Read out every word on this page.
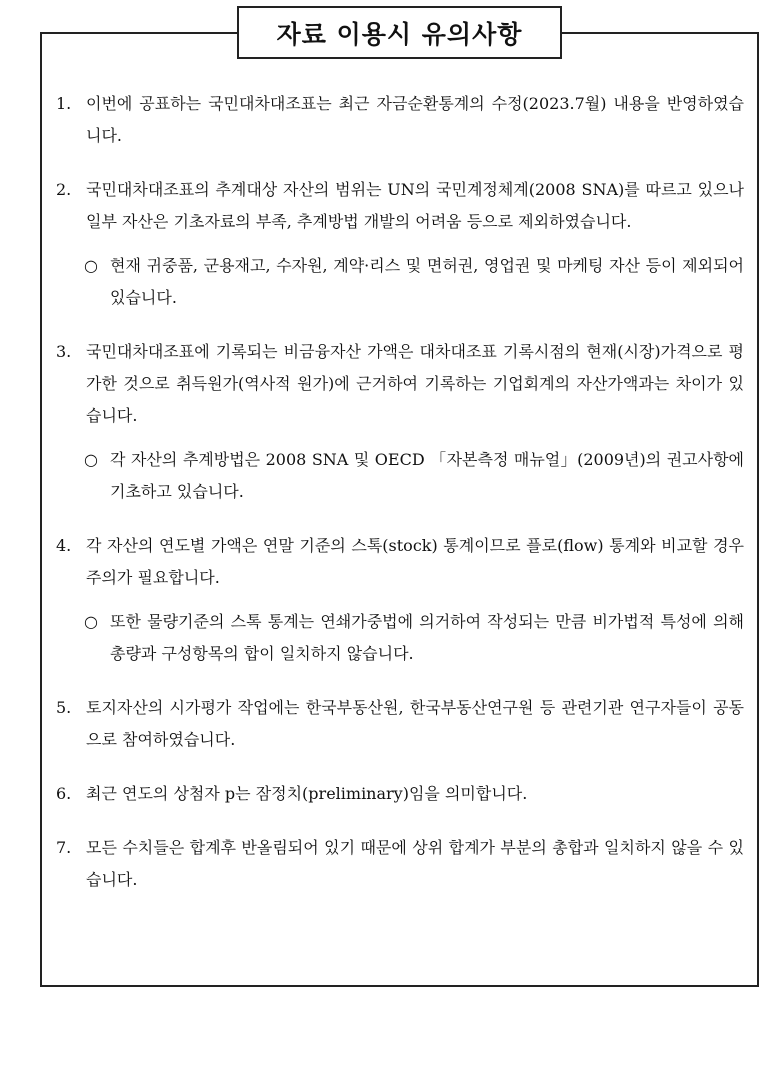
자료 이용시 유의사항
1. 이번에 공표하는 국민대차대조표는 최근 자금순환통계의 수정(2023.7월) 내용을 반영하였습니다.
2. 국민대차대조표의 추계대상 자산의 범위는 UN의 국민계정체계(2008 SNA)를 따르고 있으나 일부 자산은 기초자료의 부족, 추계방법 개발의 어려움 등으로 제외하였습니다.
○ 현재 귀중품, 군용재고, 수자원, 계약·리스 및 면허권, 영업권 및 마케팅 자산 등이 제외되어 있습니다.
3. 국민대차대조표에 기록되는 비금융자산 가액은 대차대조표 기록시점의 현재(시장)가격으로 평가한 것으로 취득원가(역사적 원가)에 근거하여 기록하는 기업회계의 자산가액과는 차이가 있습니다.
○ 각 자산의 추계방법은 2008 SNA 및 OECD 「자본측정 매뉴얼」(2009년)의 권고사항에 기초하고 있습니다.
4. 각 자산의 연도별 가액은 연말 기준의 스톡(stock) 통계이므로 플로(flow) 통계와 비교할 경우 주의가 필요합니다.
○ 또한 물량기준의 스톡 통계는 연쇄가중법에 의거하여 작성되는 만큼 비가법적 특성에 의해 총량과 구성항목의 합이 일치하지 않습니다.
5. 토지자산의 시가평가 작업에는 한국부동산원, 한국부동산연구원 등 관련기관 연구자들이 공동으로 참여하였습니다.
6. 최근 연도의 상첨자 p는 잠정치(preliminary)임을 의미합니다.
7. 모든 수치들은 합계후 반올림되어 있기 때문에 상위 합계가 부분의 총합과 일치하지 않을 수 있습니다.
